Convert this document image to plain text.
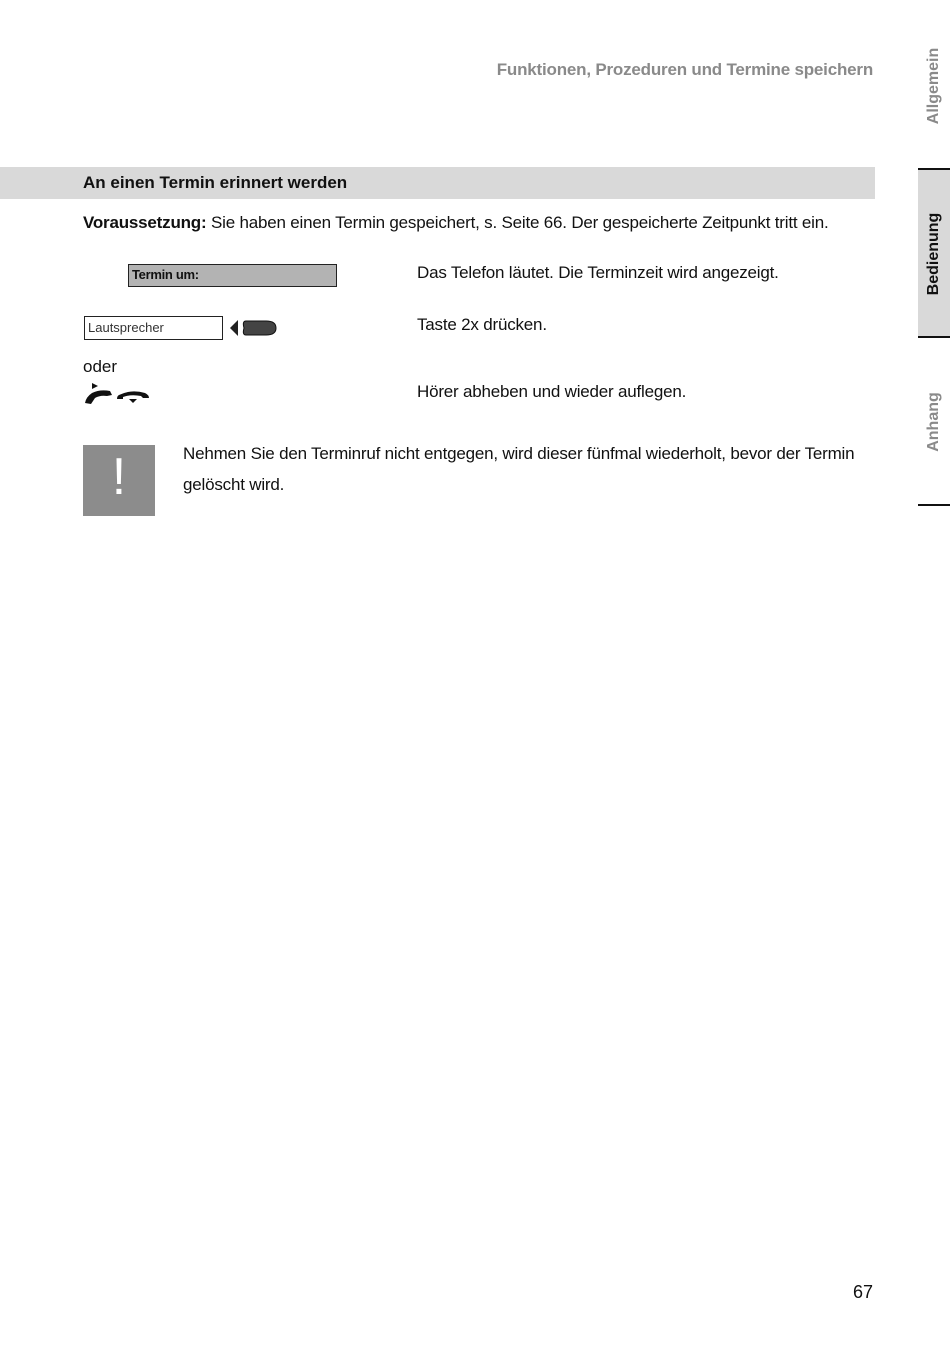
Funktionen, Prozeduren und Termine speichern
An einen Termin erinnert werden
Voraussetzung: Sie haben einen Termin gespeichert, s. Seite 66. Der gespeicherte Zeitpunkt tritt ein.
Termin um:	Das Telefon läutet. Die Terminzeit wird angezeigt.
Lautsprecher	Taste 2x drücken.
oder
Hörer abheben und wieder auflegen.
!	Nehmen Sie den Terminruf nicht entgegen, wird dieser fünfmal wiederholt, bevor der Termin gelöscht wird.
Allgemein
Bedienung
Anhang
67
